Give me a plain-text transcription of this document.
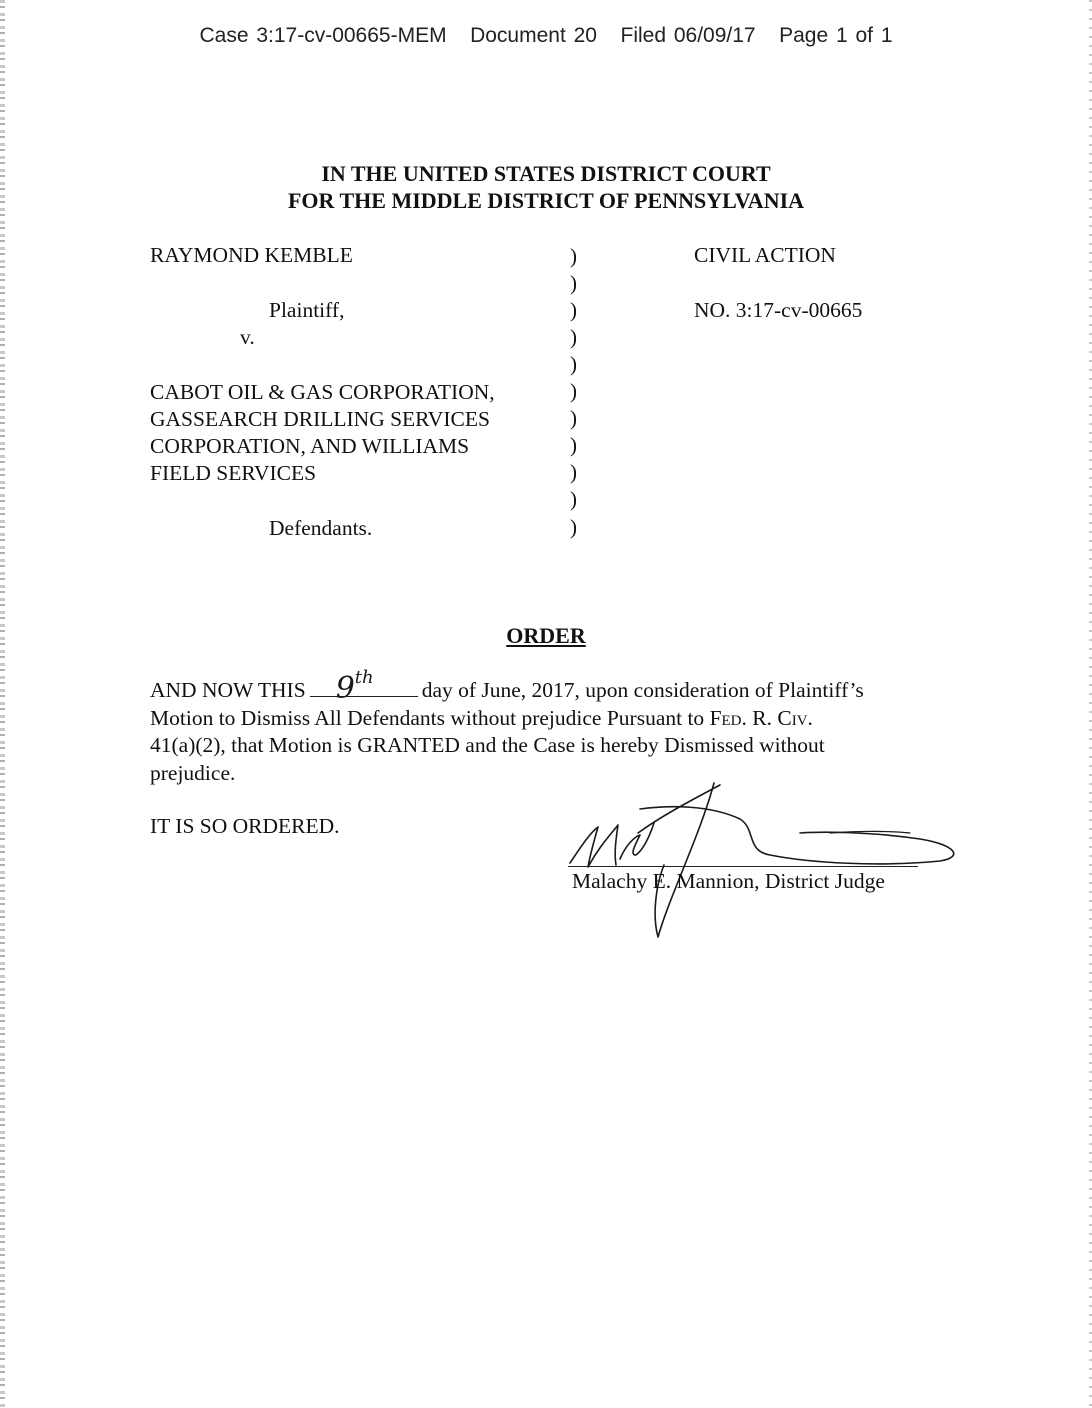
Case 3:17-cv-00665-MEM   Document 20   Filed 06/09/17   Page 1 of 1
IN THE UNITED STATES DISTRICT COURT
FOR THE MIDDLE DISTRICT OF PENNSYLVANIA
RAYMOND KEMBLE
Plaintiff,
v.
CABOT OIL & GAS CORPORATION,
GASSEARCH DRILLING SERVICES
CORPORATION, AND WILLIAMS
FIELD SERVICES
Defendants.
)
)
)
)
)
)
)
)
)
)
)
CIVIL ACTION
NO. 3:17-cv-00665
ORDER
AND NOW THIS 9th
day of June, 2017, upon consideration of Plaintiff’s
Motion to Dismiss All Defendants without prejudice Pursuant to Fed. R. Civ.
41(a)(2), that Motion is GRANTED and the Case is hereby Dismissed without
prejudice.
IT IS SO ORDERED.
Malachy E. Mannion, District Judge
